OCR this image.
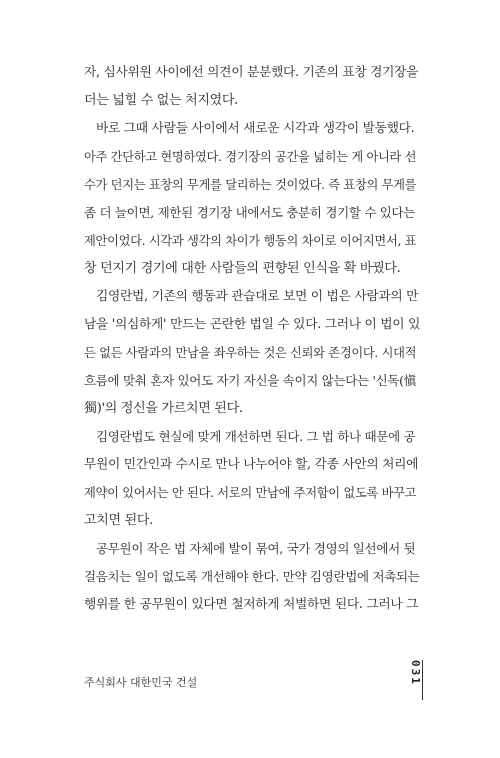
자, 심사위원 사이에선 의견이 분분했다. 기존의 표창 경기장을
더는 넓힐 수 없는 처지였다.
바로 그때 사람들 사이에서 새로운 시각과 생각이 발동했다.
아주 간단하고 현명하였다. 경기장의 공간을 넓히는 게 아니라 선
수가 던지는 표창의 무게를 달리하는 것이었다. 즉 표창의 무게를
좀 더 늘이면, 제한된 경기장 내에서도 충분히 경기할 수 있다는
제안이었다. 시각과 생각의 차이가 행동의 차이로 이어지면서, 표
창 던지기 경기에 대한 사람들의 편향된 인식을 확 바꿨다.
김영란법, 기존의 행동과 관습대로 보면 이 법은 사람과의 만
남을 '의심하게' 만드는 곤란한 법일 수 있다. 그러나 이 법이 있
든 없든 사람과의 만남을 좌우하는 것은 신뢰와 존경이다. 시대적
흐름에 맞춰 혼자 있어도 자기 자신을 속이지 않는다는 '신독(愼
獨)'의 정신을 가르치면 된다.
김영란법도 현실에 맞게 개선하면 된다. 그 법 하나 때문에 공
무원이 민간인과 수시로 만나 나누어야 할, 각종 사안의 처리에
제약이 있어서는 안 된다. 서로의 만남에 주저함이 없도록 바꾸고
고치면 된다.
공무원이 작은 법 자체에 발이 묶여, 국가 경영의 일선에서 뒷
걸음치는 일이 없도록 개선해야 한다. 만약 김영란법에 저촉되는
행위를 한 공무원이 있다면 철저하게 처벌하면 된다. 그러나 그
주식회사 대한민국 건설	031
